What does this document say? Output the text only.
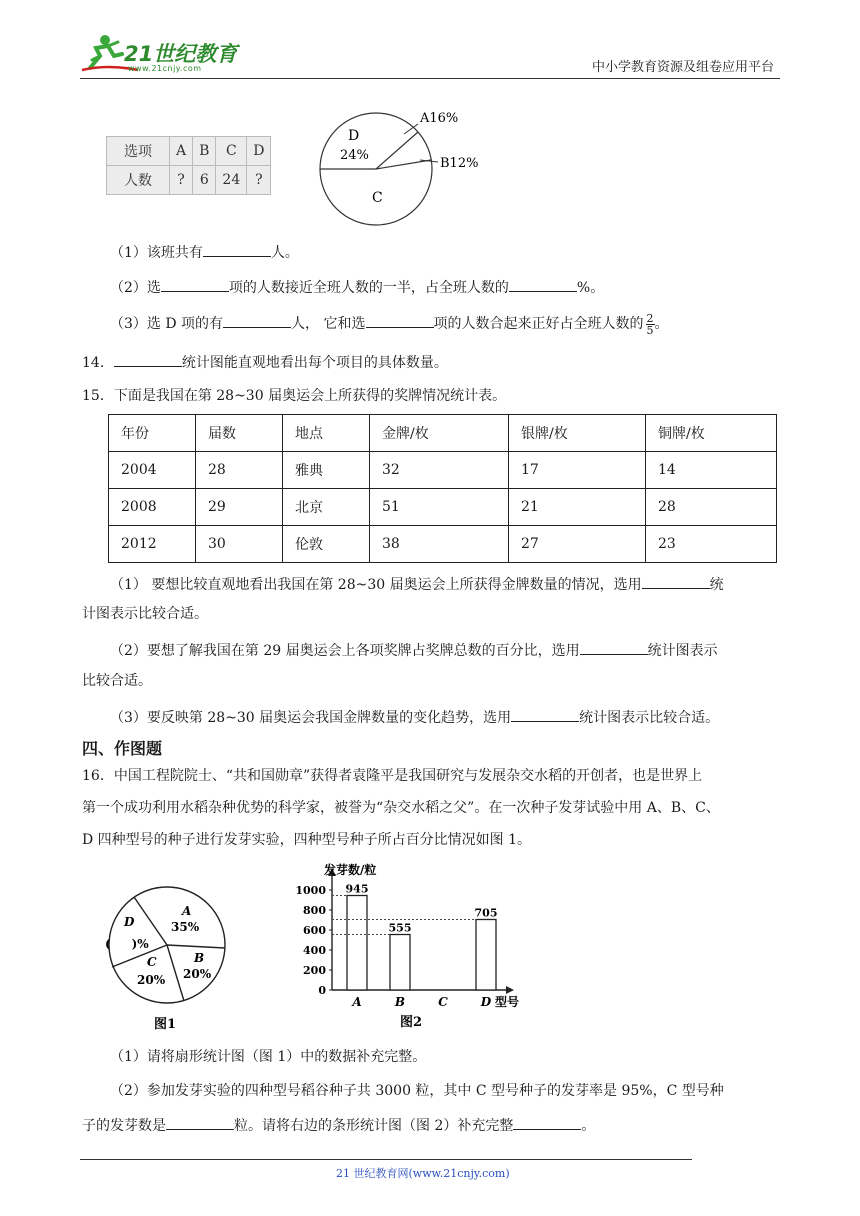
21世纪教育
www.21cnjy.com	中小学教育资源及组卷应用平台
选项	A	B	C	D
人数	?	6	24	?
A16%
B12%
C
D
24%
（1）该班共有	人。
（2）选	项的人数接近全班人数的一半，占全班人数的	%。
（3）选 D 项的有	人， 它和选	项的人数合起来正好占全班人数的 $\frac{2}{5}$ 。
14．	统计图能直观地看出每个项目的具体数量。
15．下面是我国在第 28~30 届奥运会上所获得的奖牌情况统计表。
年份	届数	地点	金牌/枚	银牌/枚	铜牌/枚
2004	28	雅典	32	17	14
2008	29	北京	51	21	28
2012	30	伦敦	38	27	23
（1） 要想比较直观地看出我国在第 28~30 届奥运会上所获得金牌数量的情况，选用	统
计图表示比较合适。
（2）要想了解我国在第 29 届奥运会上各项奖牌占奖牌总数的百分比，选用	统计图表示
比较合适。
（3）要反映第 28~30 届奥运会我国金牌数量的变化趋势，选用	统计图表示比较合适。
四、作图题
16．中国工程院院士、“共和国勋章”获得者袁隆平是我国研究与发展杂交水稻的开创者，也是世界上
第一个成功利用水稻杂种优势的科学家，被誉为“杂交水稻之父”。在一次种子发芽试验中用 A、B、C、
D 四种型号的种子进行发芽实验，四种型号种子所占百分比情况如图 1。
A
35%
B
20%
C
20%
D
(     )%
图1
发芽数/粒
0
200
400
600
800
1000 945
A
555
B	C
705
D 型号
图2
（1）请将扇形统计图（图 1）中的数据补充完整。
（2）参加发芽实验的四种型号稻谷种子共 3000 粒，其中 C 型号种子的发芽率是 95%，C 型号种
子的发芽数是	粒。请将右边的条形统计图（图 2）补充完整	。
21 世纪教育网(www.21cnjy.com)
